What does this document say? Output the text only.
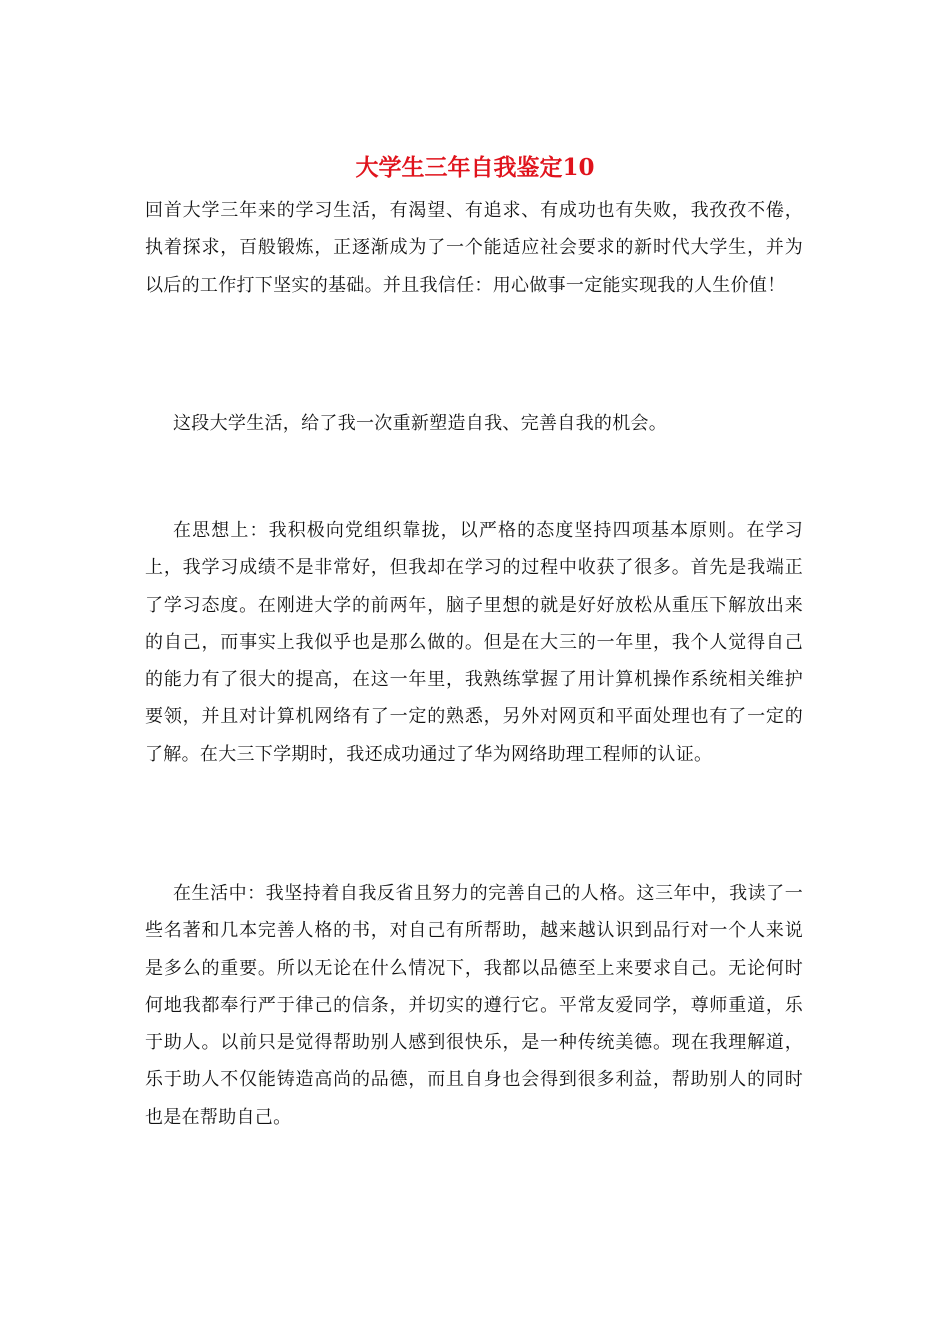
大学生三年自我鉴定10

回首大学三年来的学习生活，有渴望、有追求、有成功也有失败，我孜孜不倦，执着探求，百般锻炼，正逐渐成为了一个能适应社会要求的新时代大学生，并为以后的工作打下坚实的基础。并且我信任：用心做事一定能实现我的人生价值！

这段大学生活，给了我一次重新塑造自我、完善自我的机会。

在思想上：我积极向党组织靠拢，以严格的态度坚持四项基本原则。在学习上，我学习成绩不是非常好，但我却在学习的过程中收获了很多。首先是我端正了学习态度。在刚进大学的前两年，脑子里想的就是好好放松从重压下解放出来的自己，而事实上我似乎也是那么做的。但是在大三的一年里，我个人觉得自己的能力有了很大的提高，在这一年里，我熟练掌握了用计算机操作系统相关维护要领，并且对计算机网络有了一定的熟悉，另外对网页和平面处理也有了一定的了解。在大三下学期时，我还成功通过了华为网络助理工程师的认证。

在生活中：我坚持着自我反省且努力的完善自己的人格。这三年中，我读了一些名著和几本完善人格的书，对自己有所帮助，越来越认识到品行对一个人来说是多么的重要。所以无论在什么情况下，我都以品德至上来要求自己。无论何时何地我都奉行严于律己的信条，并切实的遵行它。平常友爱同学，尊师重道，乐于助人。以前只是觉得帮助别人感到很快乐，是一种传统美德。现在我理解道，乐于助人不仅能铸造高尚的品德，而且自身也会得到很多利益，帮助别人的同时也是在帮助自己。
